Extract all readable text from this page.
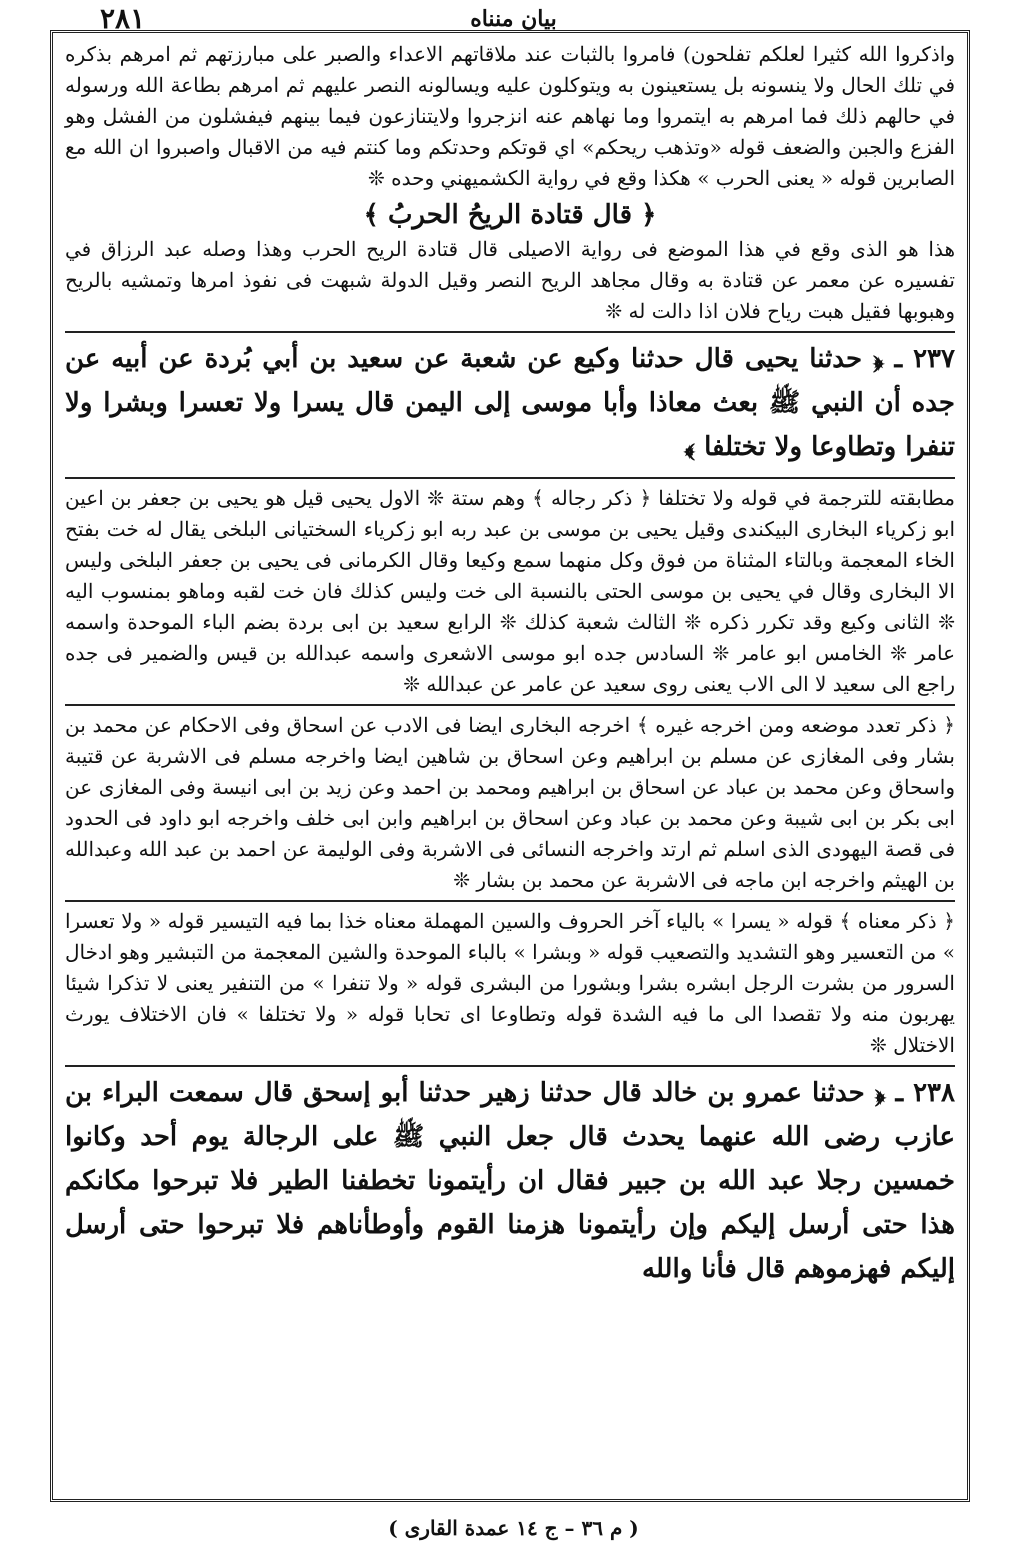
٢٨١	بيان منناه

واذكروا الله كثيرا لعلكم تفلحون) فامروا بالثبات عند ملاقاتهم الاعداء والصبر على مبارزتهم ثم امرهم بذكره في تلك الحال ولا ينسونه بل يستعينون به ويتوكلون عليه ويسالونه النصر عليهم ثم امرهم بطاعة الله ورسوله في حالهم ذلك فما امرهم به ايتمروا وما نهاهم عنه انزجروا ولايتنازعون فيما بينهم فيفشلون من الفشل وهو الفزع والجبن والضعف قوله «وتذهب ريحكم» اي قوتكم وحدتكم وما كنتم فيه من الاقبال واصبروا ان الله مع الصابرين قوله « يعنى الحرب » هكذا وقع في رواية الكشميهني وحده ❊

﴿ قال قتادة الريحُ الحربُ ﴾

هذا هو الذى وقع في هذا الموضع فى رواية الاصيلى قال قتادة الريح الحرب وهذا وصله عبد الرزاق في تفسيره عن معمر عن قتادة به وقال مجاهد الريح النصر وقيل الدولة شبهت فى نفوذ امرها وتمشيه بالريح وهبوبها فقيل هبت رياح فلان اذا دالت له ❊

٢٣٧ ـ ﴿ حدثنا يحيى قال حدثنا وكيع عن شعبة عن سعيد بن أبي بُردة عن أبيه عن جده أن النبي ﷺ بعث معاذا وأبا موسى إلى اليمن قال يسرا ولا تعسرا وبشرا ولا تنفرا وتطاوعا ولا تختلفا ﴾

مطابقته للترجمة في قوله ولا تختلفا ﴿ ذكر رجاله ﴾ وهم ستة ❊ الاول يحيى قيل هو يحيى بن جعفر بن اعين ابو زكرياء البخارى البيكندى وقيل يحيى بن موسى بن عبد ربه ابو زكرياء السختيانى البلخى يقال له خت بفتح الخاء المعجمة وبالتاء المثناة من فوق وكل منهما سمع وكيعا وقال الكرمانى فى يحيى بن جعفر البلخى وليس الا البخارى وقال في يحيى بن موسى الحتى بالنسبة الى خت وليس كذلك فان خت لقبه وماهو بمنسوب اليه ❊ الثانى وكيع وقد تكرر ذكره ❊ الثالث شعبة كذلك ❊ الرابع سعيد بن ابى بردة بضم الباء الموحدة واسمه عامر ❊ الخامس ابو عامر ❊ السادس جده ابو موسى الاشعرى واسمه عبدالله بن قيس والضمير فى جده راجع الى سعيد لا الى الاب يعنى روى سعيد عن عامر عن عبدالله ❊

﴿ ذكر تعدد موضعه ومن اخرجه غيره ﴾ اخرجه البخارى ايضا فى الادب عن اسحاق وفى الاحكام عن محمد بن بشار وفى المغازى عن مسلم بن ابراهيم وعن اسحاق بن شاهين ايضا واخرجه مسلم فى الاشربة عن قتيبة واسحاق وعن محمد بن عباد عن اسحاق بن ابراهيم ومحمد بن احمد وعن زيد بن ابى انيسة وفى المغازى عن ابى بكر بن ابى شيبة وعن محمد بن عباد وعن اسحاق بن ابراهيم وابن ابى خلف واخرجه ابو داود فى الحدود فى قصة اليهودى الذى اسلم ثم ارتد واخرجه النسائى فى الاشربة وفى الوليمة عن احمد بن عبد الله وعبدالله بن الهيثم واخرجه ابن ماجه فى الاشربة عن محمد بن بشار ❊

﴿ ذكر معناه ﴾ قوله « يسرا » بالياء آخر الحروف والسين المهملة معناه خذا بما فيه التيسير قوله « ولا تعسرا » من التعسير وهو التشديد والتصعيب قوله « وبشرا » بالباء الموحدة والشين المعجمة من التبشير وهو ادخال السرور من بشرت الرجل ابشره بشرا وبشورا من البشرى قوله « ولا تنفرا » من التنفير يعنى لا تذكرا شيئا يهربون منه ولا تقصدا الى ما فيه الشدة قوله وتطاوعا اى تحابا قوله « ولا تختلفا » فان الاختلاف يورث الاختلال ❊

٢٣٨ ـ ﴿ حدثنا عمرو بن خالد قال حدثنا زهير حدثنا أبو إسحق قال سمعت البراء بن عازب رضى الله عنهما يحدث قال جعل النبي ﷺ على الرجالة يوم أحد وكانوا خمسين رجلا عبد الله بن جبير فقال ان رأيتمونا تخطفنا الطير فلا تبرحوا مكانكم هذا حتى أرسل إليكم وإن رأيتمونا هزمنا القوم وأوطأناهم فلا تبرحوا حتى أرسل إليكم فهزموهم قال فأنا والله

( م ٣٦ – ج ١٤ عمدة القارى )
